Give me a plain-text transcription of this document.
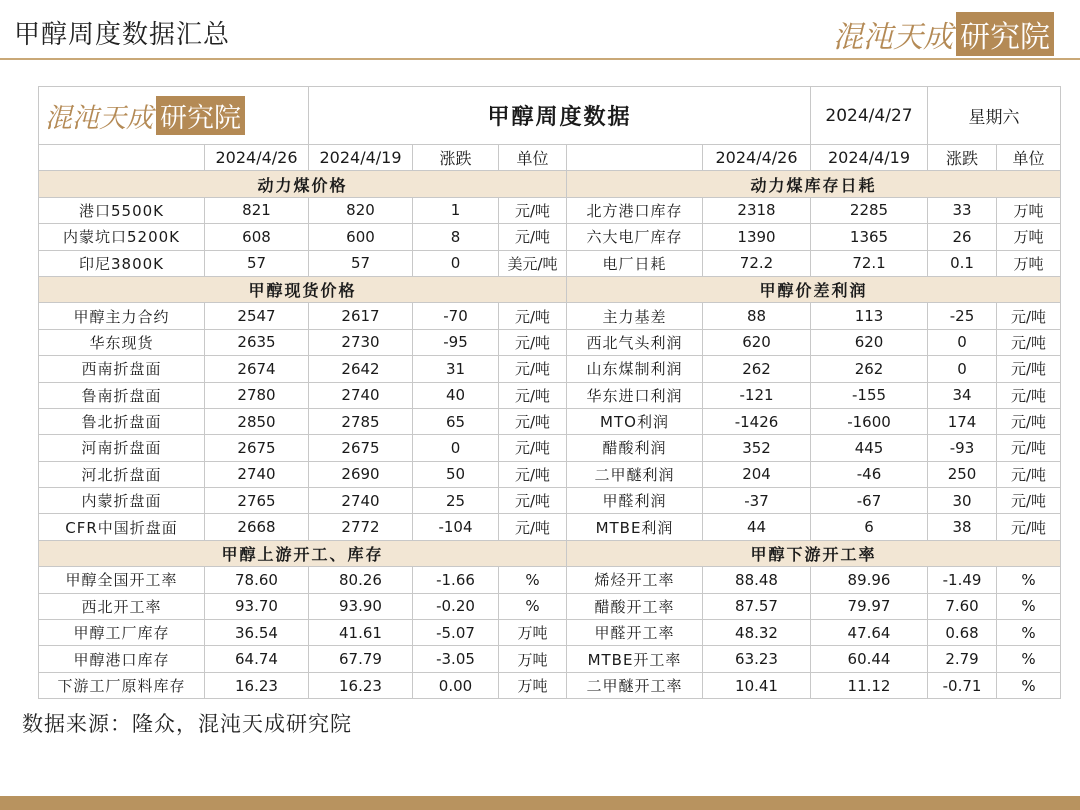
甲醇周度数据汇总	混沌天成 研究院
混沌天成 研究院		甲醇周度数据					2024/4/27	星期六	
	2024/4/26	2024/4/19	涨跌	单位		2024/4/26	2024/4/19	涨跌	单位
动力煤价格					动力煤库存日耗				
港口5500K	821	820	1	元/吨	北方港口库存	2318	2285	33	万吨
内蒙坑口5200K	608	600	8	元/吨	六大电厂库存	1390	1365	26	万吨
印尼3800K	57	57	0	美元/吨	电厂日耗	72.2	72.1	0.1	万吨
甲醇现货价格					甲醇价差利润				
甲醇主力合约	2547	2617	-70	元/吨	主力基差	88	113	-25	元/吨
华东现货	2635	2730	-95	元/吨	西北气头利润	620	620	0	元/吨
西南折盘面	2674	2642	31	元/吨	山东煤制利润	262	262	0	元/吨
鲁南折盘面	2780	2740	40	元/吨	华东进口利润	-121	-155	34	元/吨
鲁北折盘面	2850	2785	65	元/吨	MTO利润	-1426	-1600	174	元/吨
河南折盘面	2675	2675	0	元/吨	醋酸利润	352	445	-93	元/吨
河北折盘面	2740	2690	50	元/吨	二甲醚利润	204	-46	250	元/吨
内蒙折盘面	2765	2740	25	元/吨	甲醛利润	-37	-67	30	元/吨
CFR中国折盘面	2668	2772	-104	元/吨	MTBE利润	44	6	38	元/吨
甲醇上游开工、库存					甲醇下游开工率				
甲醇全国开工率	78.60	80.26	-1.66	%	烯烃开工率	88.48	89.96	-1.49	%
西北开工率	93.70	93.90	-0.20	%	醋酸开工率	87.57	79.97	7.60	%
甲醇工厂库存	36.54	41.61	-5.07	万吨	甲醛开工率	48.32	47.64	0.68	%
甲醇港口库存	64.74	67.79	-3.05	万吨	MTBE开工率	63.23	60.44	2.79	%
下游工厂原料库存	16.23	16.23	0.00	万吨	二甲醚开工率	10.41	11.12	-0.71	%
数据来源：隆众，混沌天成研究院
